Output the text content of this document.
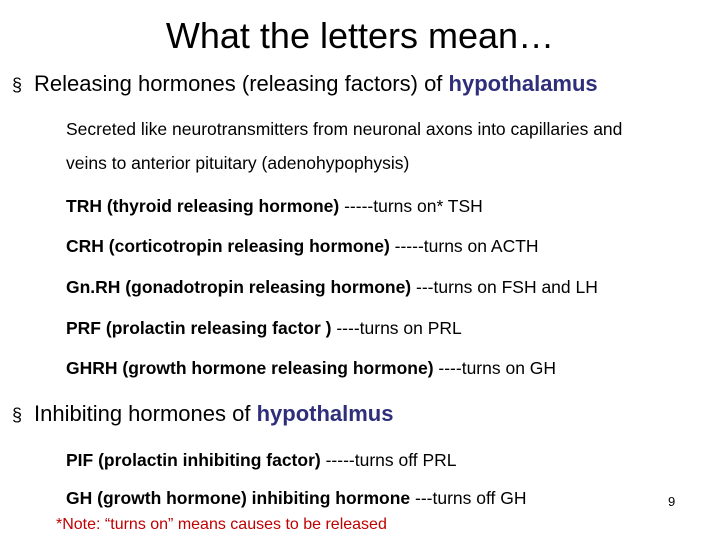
What the letters mean…
§ Releasing hormones (releasing factors) of hypothalamus
Secreted like neurotransmitters from neuronal axons into capillaries and
veins to anterior pituitary (adenohypophysis)
TRH (thyroid releasing hormone) -----turns on* TSH
CRH (corticotropin releasing hormone) -----turns on ACTH
Gn.RH (gonadotropin releasing hormone) ---turns on FSH and LH
PRF (prolactin releasing factor ) ----turns on PRL
GHRH (growth hormone releasing hormone) ----turns on GH
§ Inhibiting hormones of hypothalmus
PIF (prolactin inhibiting factor) -----turns off PRL
GH (growth hormone) inhibiting hormone ---turns off GH
*Note: “turns on” means causes to be released
9
